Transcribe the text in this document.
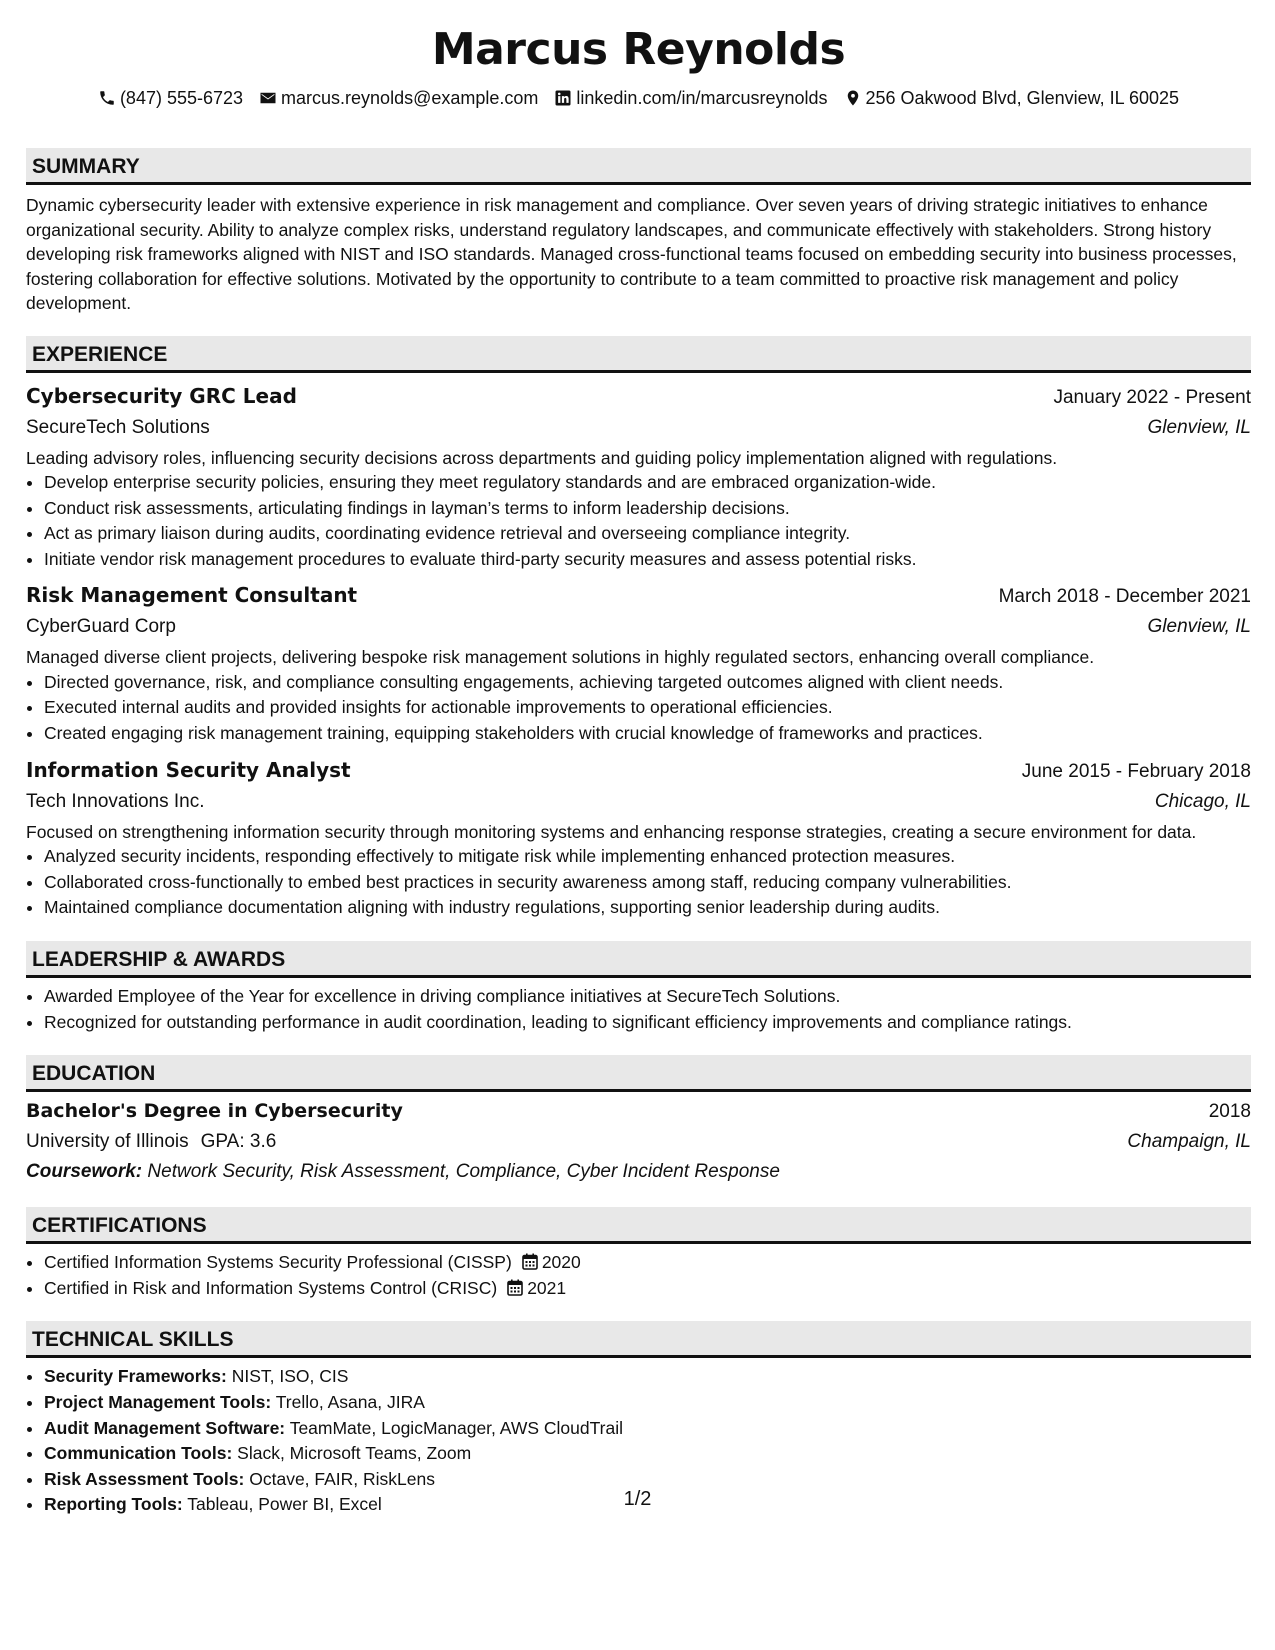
Marcus Reynolds
(847) 555-6723 marcus.reynolds@example.com linkedin.com/in/marcusreynolds 256 Oakwood Blvd, Glenview, IL 60025
SUMMARY

Dynamic cybersecurity leader with extensive experience in risk management and compliance. Over seven years of driving strategic initiatives to enhance organizational security. Ability to analyze complex risks, understand regulatory landscapes, and communicate effectively with stakeholders. Strong history developing risk frameworks aligned with NIST and ISO standards. Managed cross-functional teams focused on embedding security into business processes, fostering collaboration for effective solutions. Motivated by the opportunity to contribute to a team committed to proactive risk management and policy development.

EXPERIENCE
Cybersecurity GRC Lead	January 2022 - Present
SecureTech Solutions	Glenview, IL
Leading advisory roles, influencing security decisions across departments and guiding policy implementation aligned with regulations.
• Develop enterprise security policies, ensuring they meet regulatory standards and are embraced organization-wide.
• Conduct risk assessments, articulating findings in layman’s terms to inform leadership decisions.
• Act as primary liaison during audits, coordinating evidence retrieval and overseeing compliance integrity.
• Initiate vendor risk management procedures to evaluate third-party security measures and assess potential risks.
Risk Management Consultant	March 2018 - December 2021
CyberGuard Corp	Glenview, IL
Managed diverse client projects, delivering bespoke risk management solutions in highly regulated sectors, enhancing overall compliance.
• Directed governance, risk, and compliance consulting engagements, achieving targeted outcomes aligned with client needs.
• Executed internal audits and provided insights for actionable improvements to operational efficiencies.
• Created engaging risk management training, equipping stakeholders with crucial knowledge of frameworks and practices.
Information Security Analyst	June 2015 - February 2018
Tech Innovations Inc.	Chicago, IL
Focused on strengthening information security through monitoring systems and enhancing response strategies, creating a secure environment for data.
• Analyzed security incidents, responding effectively to mitigate risk while implementing enhanced protection measures.
• Collaborated cross-functionally to embed best practices in security awareness among staff, reducing company vulnerabilities.
• Maintained compliance documentation aligning with industry regulations, supporting senior leadership during audits.
LEADERSHIP & AWARDS
• Awarded Employee of the Year for excellence in driving compliance initiatives at SecureTech Solutions.
• Recognized for outstanding performance in audit coordination, leading to significant efficiency improvements and compliance ratings.
EDUCATION
Bachelor's Degree in Cybersecurity	2018
University of Illinois GPA: 3.6	Champaign, IL
Coursework: Network Security, Risk Assessment, Compliance, Cyber Incident Response
CERTIFICATIONS
• Certified Information Systems Security Professional (CISSP) 2020
• Certified in Risk and Information Systems Control (CRISC) 2021
TECHNICAL SKILLS
• Security Frameworks: NIST, ISO, CIS
• Project Management Tools: Trello, Asana, JIRA
• Audit Management Software: TeamMate, LogicManager, AWS CloudTrail
• Communication Tools: Slack, Microsoft Teams, Zoom
• Risk Assessment Tools: Octave, FAIR, RiskLens
• Reporting Tools: Tableau, Power BI, Excel	1/2
